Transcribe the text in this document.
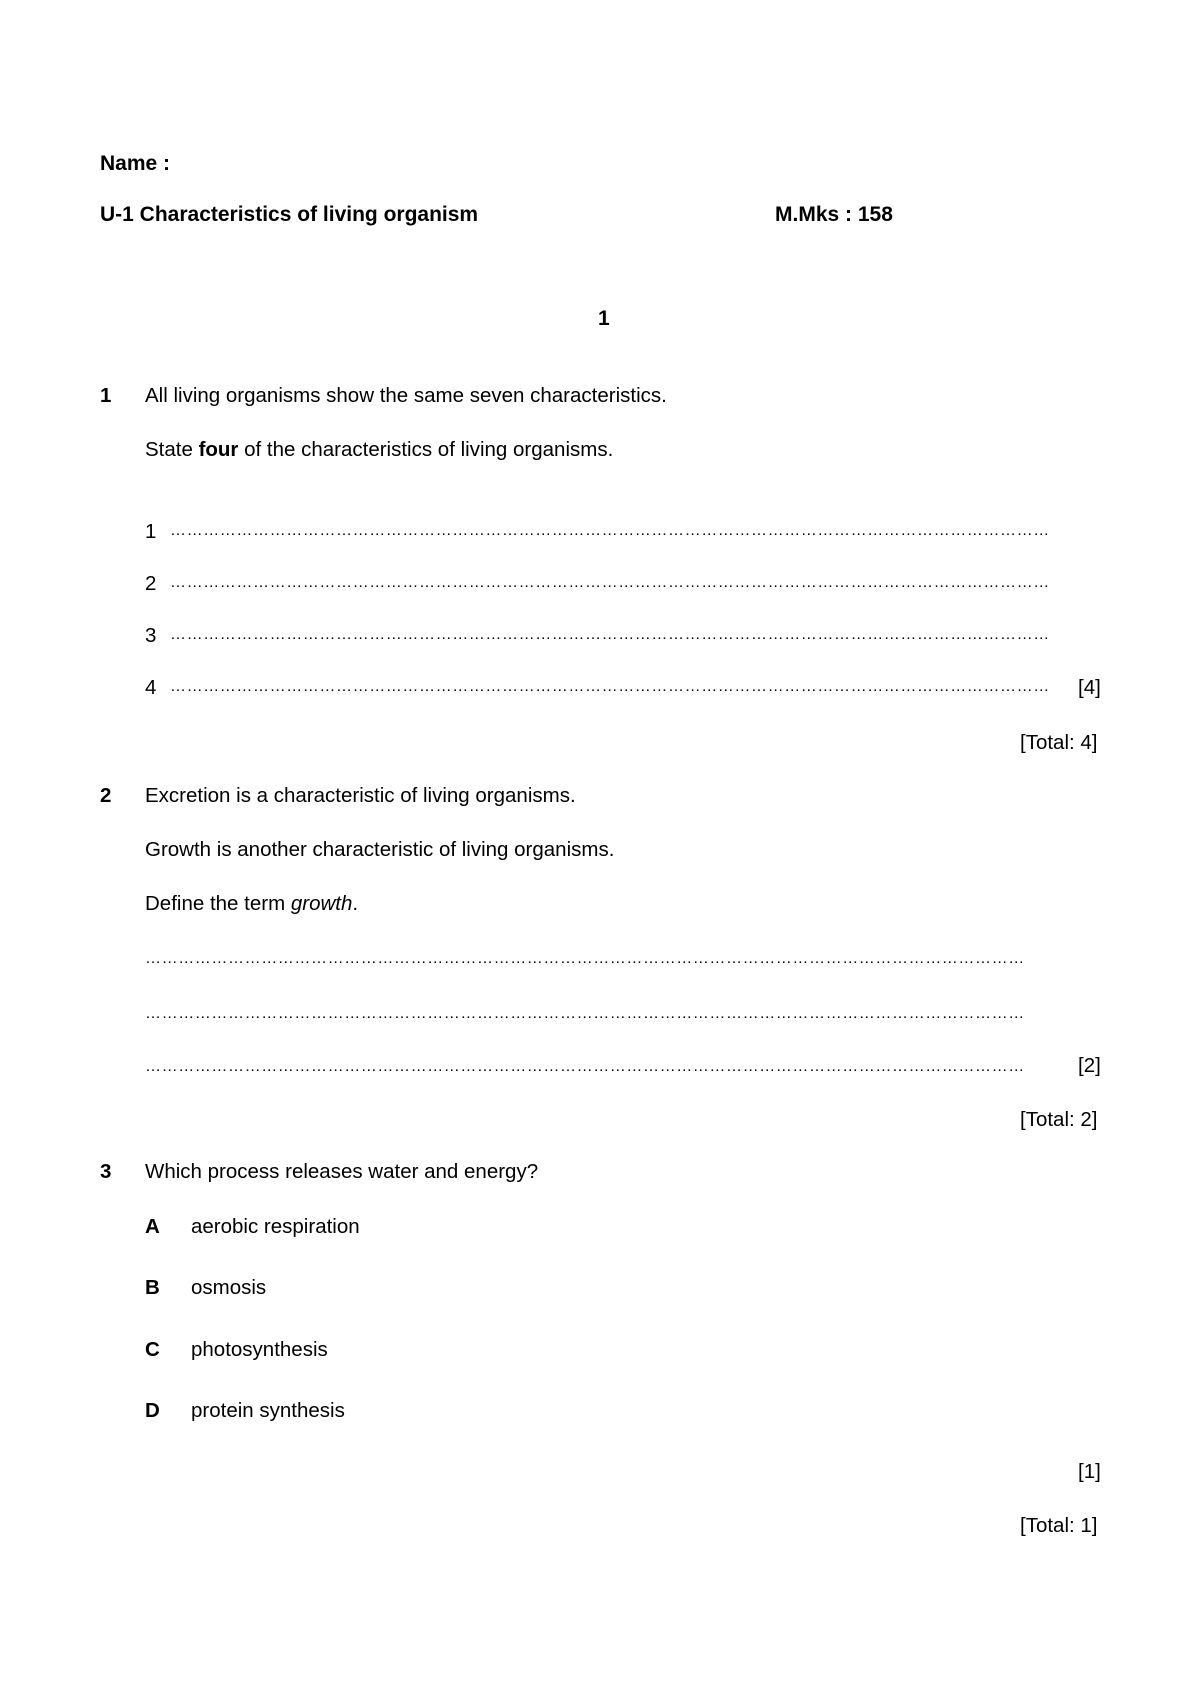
Name :
U-1 Characteristics of living organism	M.Mks : 158
1
1 All living organisms show the same seven characteristics.
State four of the characteristics of living organisms.
1 ……………………………………………………………………………………………………………………………………………
2 ……………………………………………………………………………………………………………………………………………
3 ……………………………………………………………………………………………………………………………………………
4 …………………………………………………………………………………………………………………………………………… [4]
[Total: 4]
2 Excretion is a characteristic of living organisms.
Growth is another characteristic of living organisms.
Define the term growth.
……………………………………………………………………………………………………………………………………………
……………………………………………………………………………………………………………………………………………
……………………………………………………………………………………………………………………………………………	[2]
[Total: 2]
3 Which process releases water and energy?
A aerobic respiration
B osmosis
C photosynthesis
D protein synthesis
[1]
[Total: 1]
